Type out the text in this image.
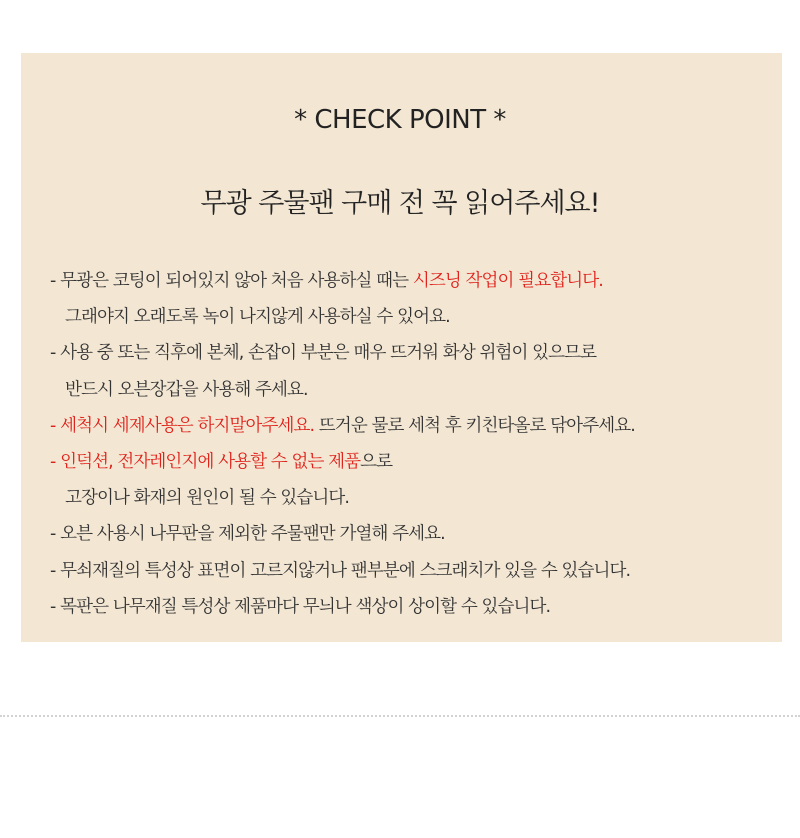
* CHECK POINT *
무광 주물팬 구매 전 꼭 읽어주세요!
- 무광은 코팅이 되어있지 않아 처음 사용하실 때는 시즈닝 작업이 필요합니다.
그래야지 오래도록 녹이 나지않게 사용하실 수 있어요.
- 사용 중 또는 직후에 본체, 손잡이 부분은 매우 뜨거워 화상 위험이 있으므로
반드시 오븐장갑을 사용해 주세요.
- 세척시 세제사용은 하지말아주세요. 뜨거운 물로 세척 후 키친타올로 닦아주세요.
- 인덕션, 전자레인지에 사용할 수 없는 제품으로
고장이나 화재의 원인이 될 수 있습니다.
- 오븐 사용시 나무판을 제외한 주물팬만 가열해 주세요.
- 무쇠재질의 특성상 표면이 고르지않거나 팬부분에 스크래치가 있을 수 있습니다.
- 목판은 나무재질 특성상 제품마다 무늬나 색상이 상이할 수 있습니다.
